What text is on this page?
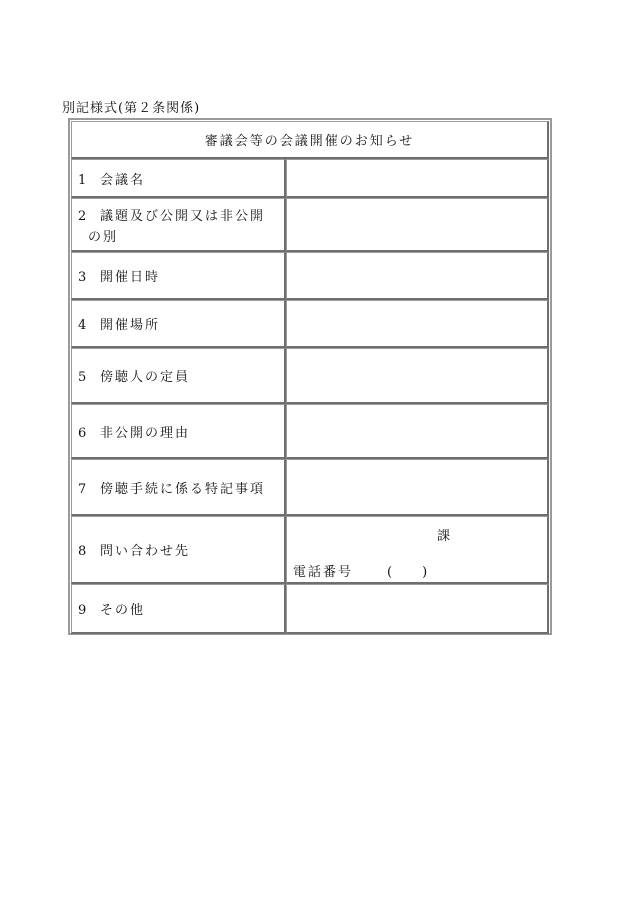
別記様式(第２条関係)
審議会等の会議開催のお知らせ	
1 会議名	
2 議題及び公開又は非公開
の別	

3 開催日時	
4 開催場所	
5 傍聴人の定員	
6 非公開の理由	
7 傍聴手続に係る特記事項	
8 問い合わせ先	課
電話番号 ( )

9 その他	
